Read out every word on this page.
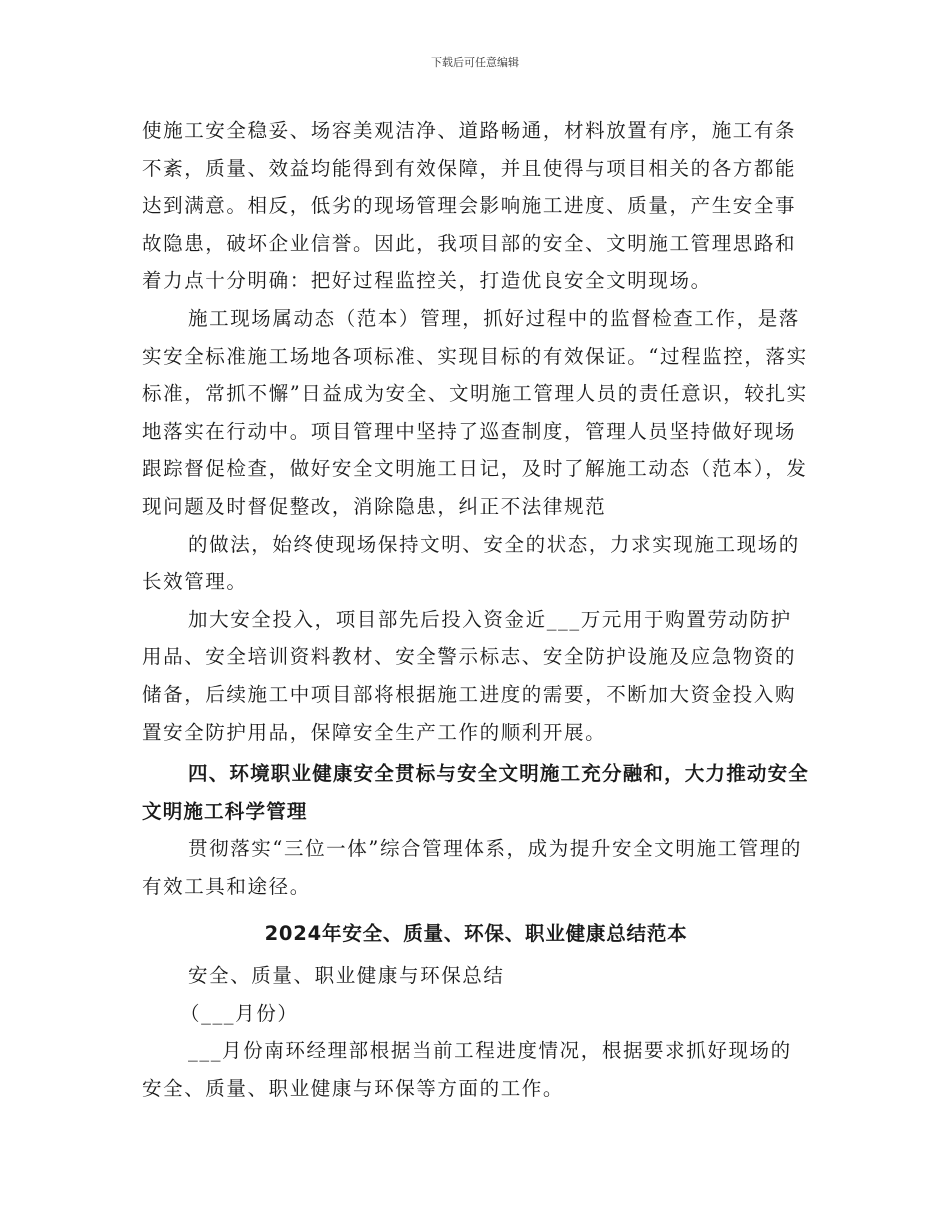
下载后可任意编辑

使施工安全稳妥、场容美观洁净、道路畅通，材料放置有序，施工有条不紊，质量、效益均能得到有效保障，并且使得与项目相关的各方都能达到满意。相反，低劣的现场管理会影响施工进度、质量，产生安全事故隐患，破坏企业信誉。因此，我项目部的安全、文明施工管理思路和着力点十分明确：把好过程监控关，打造优良安全文明现场。

施工现场属动态（范本）管理，抓好过程中的监督检查工作，是落实安全标准施工场地各项标准、实现目标的有效保证。“过程监控，落实标准，常抓不懈”日益成为安全、文明施工管理人员的责任意识，较扎实地落实在行动中。项目管理中坚持了巡查制度，管理人员坚持做好现场跟踪督促检查，做好安全文明施工日记，及时了解施工动态（范本），发现问题及时督促整改，消除隐患，纠正不法律规范

的做法，始终使现场保持文明、安全的状态，力求实现施工现场的长效管理。

加大安全投入，项目部先后投入资金近___万元用于购置劳动防护用品、安全培训资料教材、安全警示标志、安全防护设施及应急物资的储备，后续施工中项目部将根据施工进度的需要，不断加大资金投入购置安全防护用品，保障安全生产工作的顺利开展。

四、环境职业健康安全贯标与安全文明施工充分融和，大力推动安全文明施工科学管理

贯彻落实“三位一体”综合管理体系，成为提升安全文明施工管理的有效工具和途径。

2024年安全、质量、环保、职业健康总结范本

安全、质量、职业健康与环保总结

（___月份）

___月份南环经理部根据当前工程进度情况，根据要求抓好现场的安全、质量、职业健康与环保等方面的工作。
